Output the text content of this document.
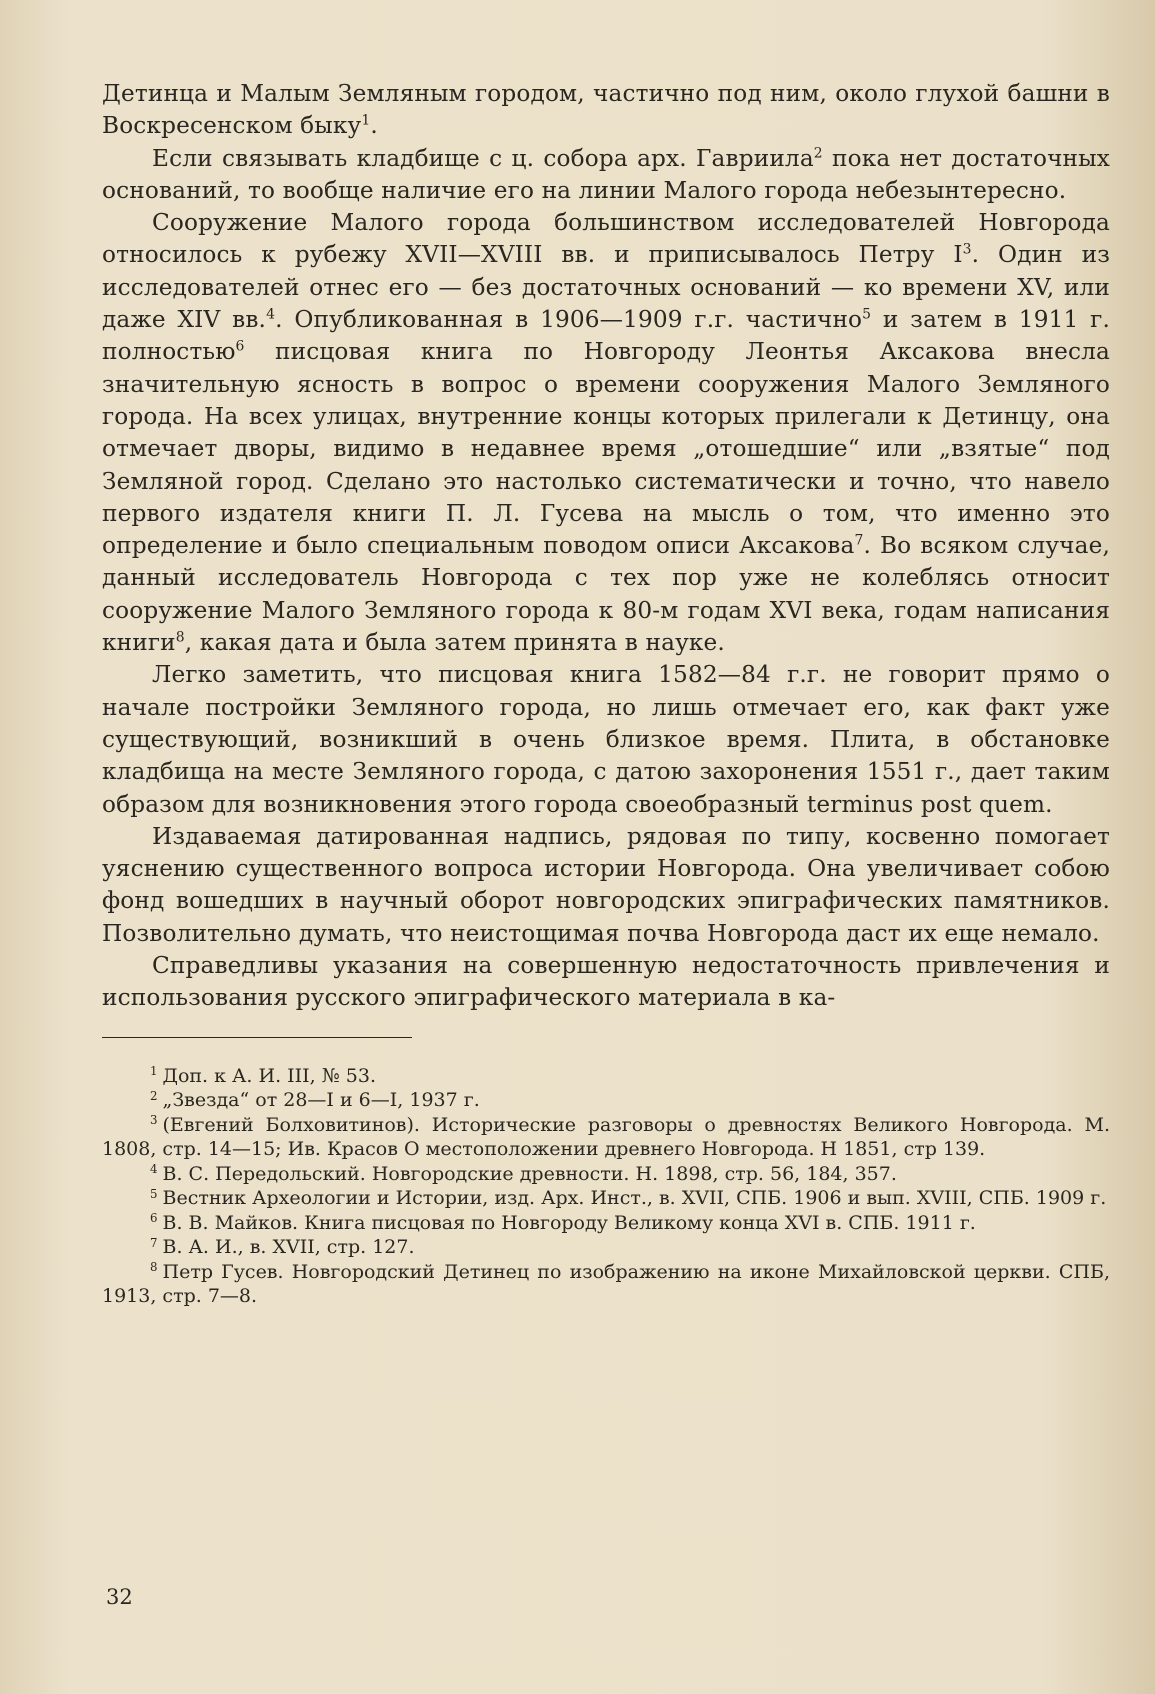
Детинца и Малым Земляным городом, частично под ним, около глухой башни в Воскресенском быку$^1$.

Если связывать кладбище с ц. собора арх. Гавриила$^2$ пока нет достаточных оснований, то вообще наличие его на линии Малого города небезынтересно.

Сооружение Малого города большинством исследователей Новгорода относилось к рубежу XVII—XVIII вв. и приписывалось Петру $I^3$. Один из исследователей отнес его — без достаточных оснований — ко времени XV, или даже XIV вв.$^4$. Опубликованная в 1906—1909 г.г. частично$^5$ и затем в 1911 г. полностью$^6$ писцовая книга по Новгороду Леонтья Аксакова внесла значительную ясность в вопрос о времени сооружения Малого Земляного города. На всех улицах, внутренние концы которых прилегали к Детинцу, она отмечает дворы, видимо в недавнее время „отошедшие“ или „взятые“ под Земляной город. Сделано это настолько систематически и точно, что навело первого издателя книги П. Л. Гусева на мысль о том, что именно это определение и было специальным поводом описи Аксакова$^7$. Во всяком случае, данный исследователь Новгорода с тех пор уже не колеблясь относит сооружение Малого Земляного города к 80-м годам XVI века, годам написания книги$^8$, какая дата и была затем принята в науке.

Легко заметить, что писцовая книга 1582—84 г.г. не говорит прямо о начале постройки Земляного города, но лишь отмечает его, как факт уже существующий, возникший в очень близкое время. Плита, в обстановке кладбища на месте Земляного города, с датою захоронения 1551 г., дает таким образом для возникновения этого города своеобразный terminus post quem.

Издаваемая датированная надпись, рядовая по типу, косвенно помогает уяснению существенного вопроса истории Новгорода. Она увеличивает собою фонд вошедших в научный оборот новгородских эпиграфических памятников. Позволительно думать, что неистощимая почва Новгорода даст их еще немало.

Справедливы указания на совершенную недостаточность привлечения и использования русского эпиграфического материала в ка-

$^1$ Доп. к А. И. III, № 53.

$^2$ „Звезда“ от 28—I и 6—I, 1937 г.

$^3$ (Евгений Болховитинов). Исторические разговоры о древностях Великого Новгорода. М. 1808, стр. 14—15; Ив. Красов О местоположении древнего Новгорода. Н 1851, стр 139.

$^4$ В. С. Передольский. Новгородские древности. Н. 1898, стр. 56, 184, 357.

$^5$ Вестник Археологии и Истории, изд. Арх. Инст., в. XVII, СПБ. 1906 и вып. XVIII, СПБ. 1909 г.

$^6$ В. В. Майков. Книга писцовая по Новгороду Великому конца XVI в. СПБ. 1911 г.

$^7$ В. А. И., в. XVII, стр. 127.

$^8$ Петр Гусев. Новгородский Детинец по изображению на иконе Михайловской церкви. СПБ, 1913, стр. 7—8.

32
